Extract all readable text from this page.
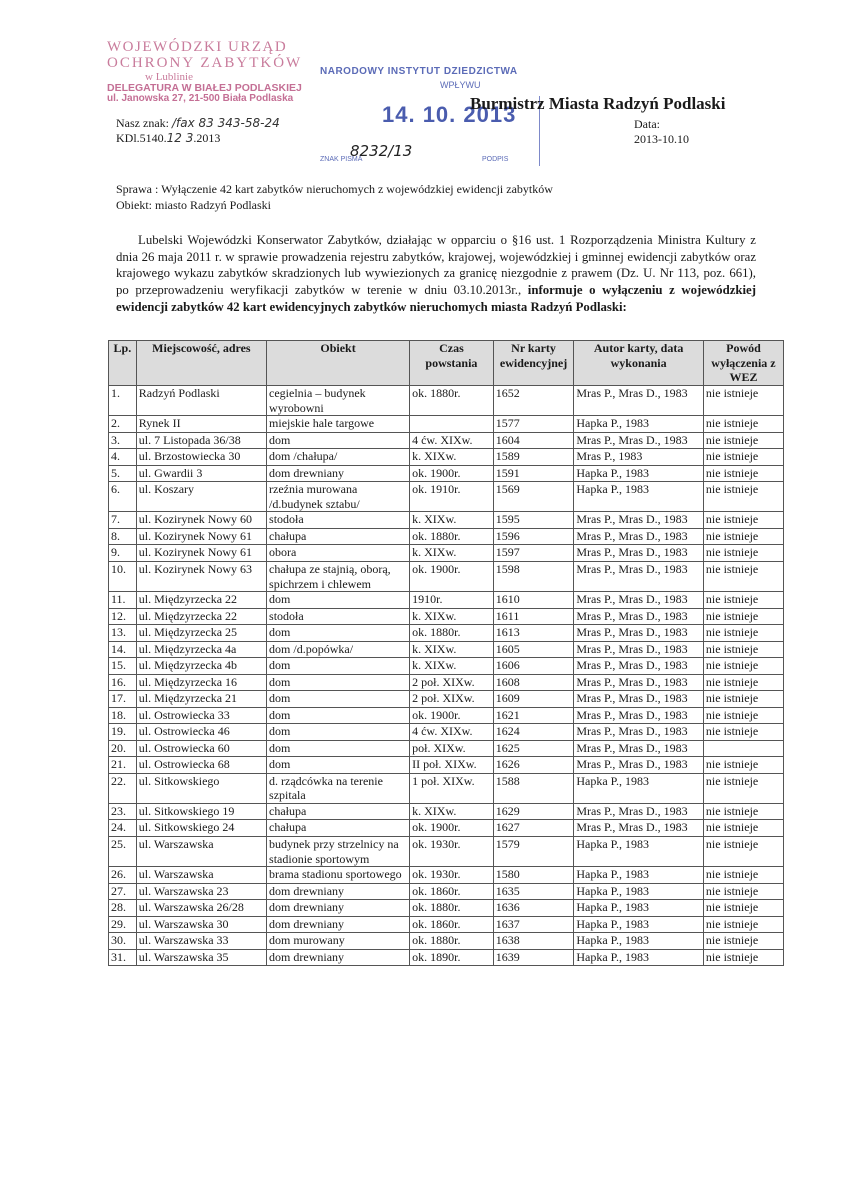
WOJEWÓDZKI URZĄD
OCHRONY ZABYTKÓW
w Lublinie
DELEGATURA W BIAŁEJ PODLASKIEJ
ul. Janowska 27, 21-500 Biała Podlaska
Nasz znak: /fax 83 343-58-24
KDl.5140.12 3.2013
NARODOWY INSTYTUT DZIEDZICTWA
WPŁYWU
14. 10. 2013
8232/13
ZNAK PISMA	PODPIS
Burmistrz Miasta Radzyń Podlaski
Data:
2013-10.10
Sprawa : Wyłączenie 42 kart zabytków nieruchomych z wojewódzkiej ewidencji zabytków
Obiekt: miasto Radzyń Podlaski

Lubelski Wojewódzki Konserwator Zabytków, działając w opparciu o §16 ust. 1 Rozporządzenia Ministra Kultury z dnia 26 maja 2011 r. w sprawie prowadzenia rejestru zabytków, krajowej, wojewódzkiej i gminnej ewidencji zabytków oraz krajowego wykazu zabytków skradzionych lub wywiezionych za granicę niezgodnie z prawem (Dz. U. Nr 113, poz. 661), po przeprowadzeniu weryfikacji zabytków w terenie w dniu 03.10.2013r., informuje o wyłączeniu z wojewódzkiej ewidencji zabytków 42 kart ewidencyjnych zabytków nieruchomych miasta Radzyń Podlaski:

Lp.	Miejscowość, adres	Obiekt	Czas powstania	Nr karty ewidencyjnej	Autor karty, data wykonania	Powód wyłączenia z WEZ
1.	Radzyń Podlaski	cegielnia – budynek wyrobowni	ok. 1880r.	1652	Mras P., Mras D., 1983	nie istnieje
2.	Rynek II	miejskie hale targowe		1577	Hapka P., 1983	nie istnieje
3.	ul. 7 Listopada 36/38	dom	4 ćw. XIXw.	1604	Mras P., Mras D., 1983	nie istnieje
4.	ul. Brzostowiecka 30	dom /chałupa/	k. XIXw.	1589	Mras P., 1983	nie istnieje
5.	ul. Gwardii 3	dom drewniany	ok. 1900r.	1591	Hapka P., 1983	nie istnieje
6.	ul. Koszary	rzeźnia murowana /d.budynek sztabu/	ok. 1910r.	1569	Hapka P., 1983	nie istnieje
7.	ul. Kozirynek Nowy 60	stodoła	k. XIXw.	1595	Mras P., Mras D., 1983	nie istnieje
8.	ul. Kozirynek Nowy 61	chałupa	ok. 1880r.	1596	Mras P., Mras D., 1983	nie istnieje
9.	ul. Kozirynek Nowy 61	obora	k. XIXw.	1597	Mras P., Mras D., 1983	nie istnieje
10.	ul. Kozirynek Nowy 63	chałupa ze stajnią, oborą, spichrzem i chlewem	ok. 1900r.	1598	Mras P., Mras D., 1983	nie istnieje
11.	ul. Międzyrzecka 22	dom	1910r.	1610	Mras P., Mras D., 1983	nie istnieje
12.	ul. Międzyrzecka 22	stodoła	k. XIXw.	1611	Mras P., Mras D., 1983	nie istnieje
13.	ul. Międzyrzecka 25	dom	ok. 1880r.	1613	Mras P., Mras D., 1983	nie istnieje
14.	ul. Międzyrzecka 4a	dom /d.popówka/	k. XIXw.	1605	Mras P., Mras D., 1983	nie istnieje
15.	ul. Międzyrzecka 4b	dom	k. XIXw.	1606	Mras P., Mras D., 1983	nie istnieje
16.	ul. Międzyrzecka 16	dom	2 poł. XIXw.	1608	Mras P., Mras D., 1983	nie istnieje
17.	ul. Międzyrzecka 21	dom	2 poł. XIXw.	1609	Mras P., Mras D., 1983	nie istnieje
18.	ul. Ostrowiecka 33	dom	ok. 1900r.	1621	Mras P., Mras D., 1983	nie istnieje
19.	ul. Ostrowiecka 46	dom	4 ćw. XIXw.	1624	Mras P., Mras D., 1983	nie istnieje
20.	ul. Ostrowiecka 60	dom	poł. XIXw.	1625	Mras P., Mras D., 1983	
21.	ul. Ostrowiecka 68	dom	II poł. XIXw.	1626	Mras P., Mras D., 1983	nie istnieje
22.	ul. Sitkowskiego	d. rządcówka na terenie szpitala	1 poł. XIXw.	1588	Hapka P., 1983	nie istnieje
23.	ul. Sitkowskiego 19	chałupa	k. XIXw.	1629	Mras P., Mras D., 1983	nie istnieje
24.	ul. Sitkowskiego 24	chałupa	ok. 1900r.	1627	Mras P., Mras D., 1983	nie istnieje
25.	ul. Warszawska	budynek przy strzelnicy na stadionie sportowym	ok. 1930r.	1579	Hapka P., 1983	nie istnieje
26.	ul. Warszawska	brama stadionu sportowego	ok. 1930r.	1580	Hapka P., 1983	nie istnieje
27.	ul. Warszawska 23	dom drewniany	ok. 1860r.	1635	Hapka P., 1983	nie istnieje
28.	ul. Warszawska 26/28	dom drewniany	ok. 1880r.	1636	Hapka P., 1983	nie istnieje
29.	ul. Warszawska 30	dom drewniany	ok. 1860r.	1637	Hapka P., 1983	nie istnieje
30.	ul. Warszawska 33	dom murowany	ok. 1880r.	1638	Hapka P., 1983	nie istnieje
31.	ul. Warszawska 35	dom drewniany	ok. 1890r.	1639	Hapka P., 1983	nie istnieje
